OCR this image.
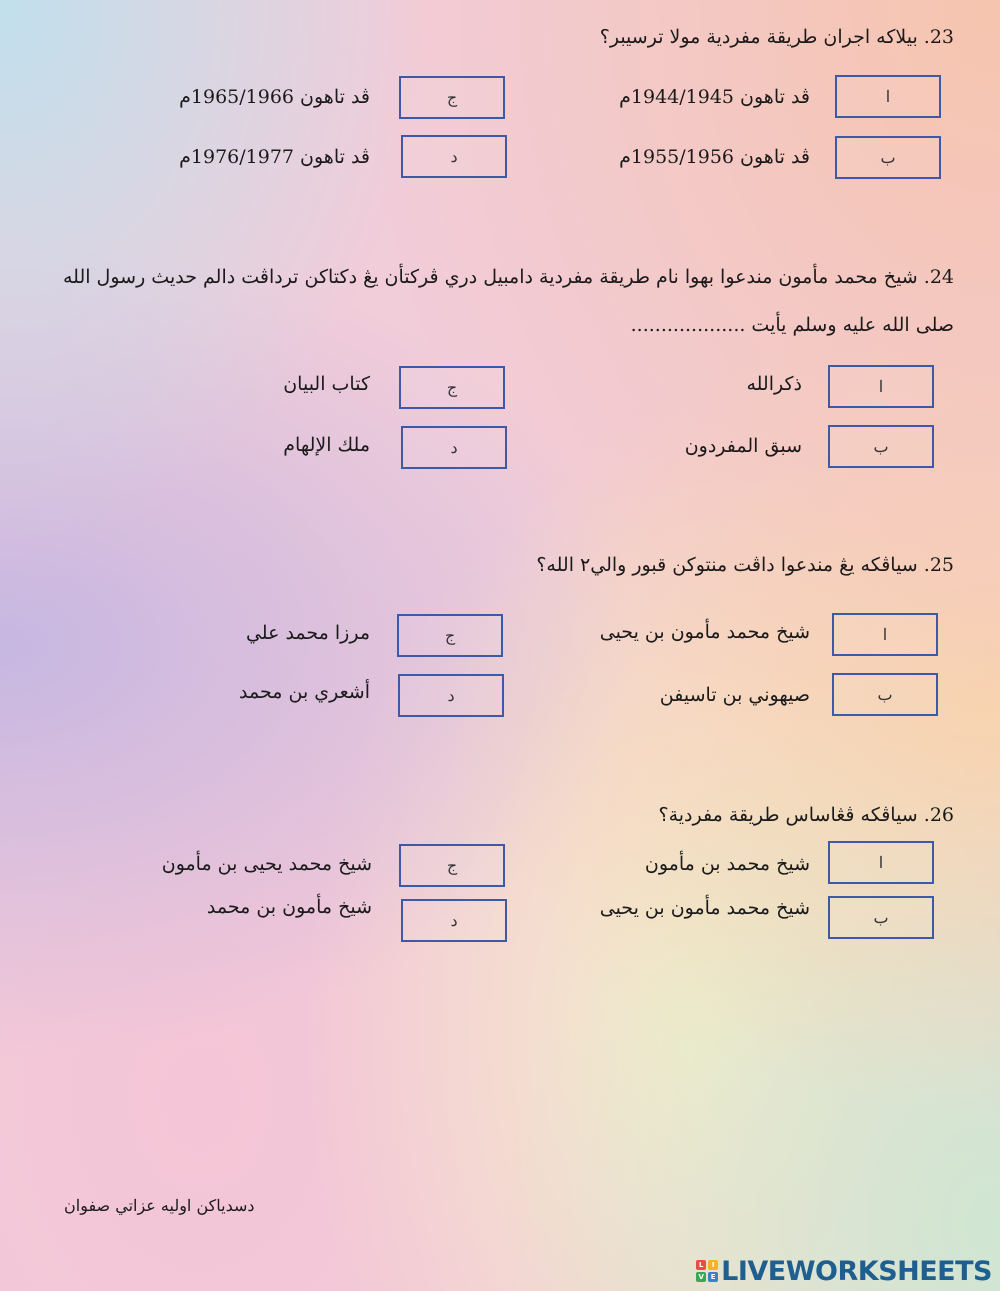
23. بيلاكه اجران طريقة مفردية مولا ترسيبر؟
ا
ڤد تاهون 1944/1945م
ب
ڤد تاهون 1955/1956م
ج
ڤد تاهون 1965/1966م
د
ڤد تاهون 1976/1977م
24. شيخ محمد مأمون مندعوا بهوا نام طريقة مفردية دامبيل دري ڤركتأن يڠ دكتاكن ترداڤت دالم حديث رسول الله
صلى الله عليه وسلم يأيت ...................
ا
ذكرالله
ب
سبق المفردون
ج
كتاب البيان
د
ملك الإلهام
25. سياڤكه يڠ مندعوا داڤت منتوكن قبور والي٢ الله؟
ا
شيخ محمد مأمون بن يحيى
ب
صيهوني بن تاسيفن
ج
مرزا محمد علي
د
أشعري بن محمد
26. سياڤكه ڤڠاساس طريقة مفردية؟
ا
شيخ محمد بن مأمون
ب
شيخ محمد مأمون بن يحيى
ج
شيخ محمد يحيى بن مأمون
د
شيخ مأمون بن محمد
دسدياكن اوليه عزاتي صفوان
L	I
V E LIVEWORKSHEETS
